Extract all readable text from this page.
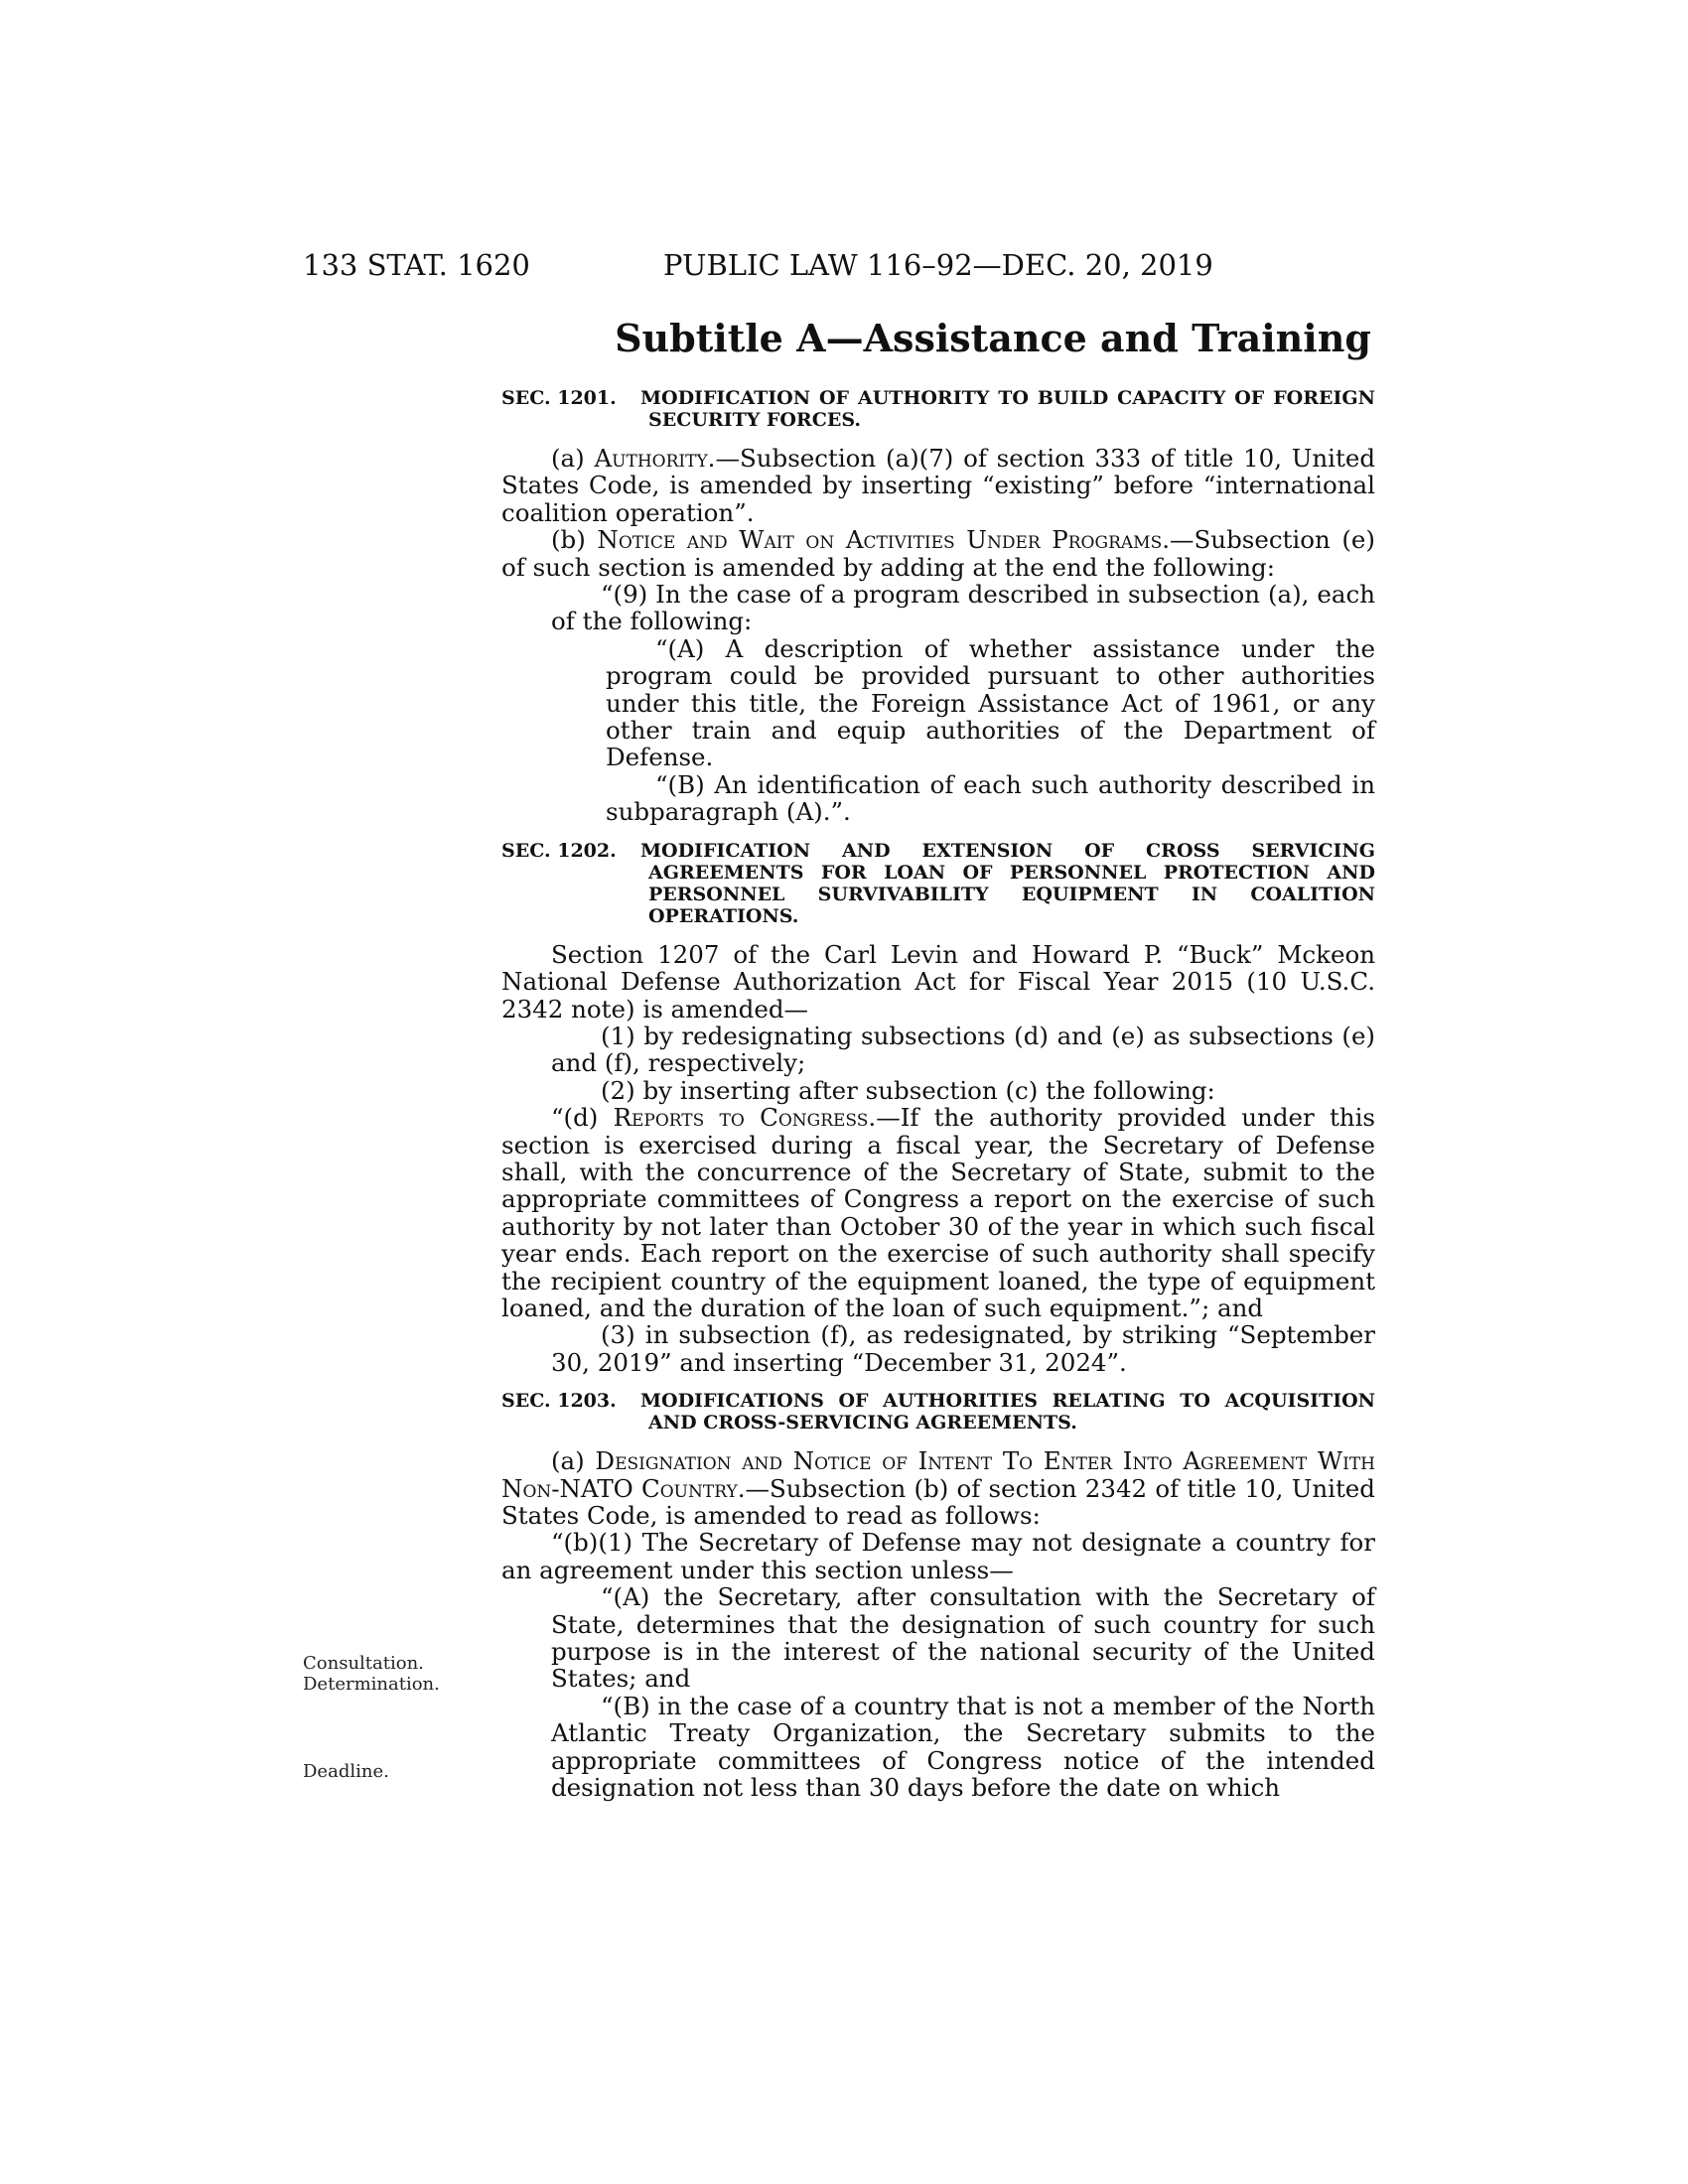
133 STAT. 1620	PUBLIC LAW 116–92—DEC. 20, 2019
Subtitle A—Assistance and Training
Consultation.
Determination.
Deadline.

SEC. 1201. MODIFICATION OF AUTHORITY TO BUILD CAPACITY OF FOREIGN SECURITY FORCES.

(a) Authority.—Subsection (a)(7) of section 333 of title 10, United States Code, is amended by inserting “existing” before “international coalition operation”.

(b) Notice and Wait on Activities Under Programs.—Subsection (e) of such section is amended by adding at the end the following:

“(9) In the case of a program described in subsection (a), each of the following:

“(A) A description of whether assistance under the program could be provided pursuant to other authorities under this title, the Foreign Assistance Act of 1961, or any other train and equip authorities of the Department of Defense.

“(B) An identification of each such authority described in subparagraph (A).”.

SEC. 1202. MODIFICATION AND EXTENSION OF CROSS SERVICING AGREEMENTS FOR LOAN OF PERSONNEL PROTECTION AND PERSONNEL SURVIVABILITY EQUIPMENT IN COALITION OPERATIONS.

Section 1207 of the Carl Levin and Howard P. “Buck” Mckeon National Defense Authorization Act for Fiscal Year 2015 (10 U.S.C. 2342 note) is amended—

(1) by redesignating subsections (d) and (e) as subsections (e) and (f), respectively;

(2) by inserting after subsection (c) the following:

“(d) Reports to Congress.—If the authority provided under this section is exercised during a fiscal year, the Secretary of Defense shall, with the concurrence of the Secretary of State, submit to the appropriate committees of Congress a report on the exercise of such authority by not later than October 30 of the year in which such fiscal year ends. Each report on the exercise of such authority shall specify the recipient country of the equipment loaned, the type of equipment loaned, and the duration of the loan of such equipment.”; and

(3) in subsection (f), as redesignated, by striking “September 30, 2019” and inserting “December 31, 2024”.

SEC. 1203. MODIFICATIONS OF AUTHORITIES RELATING TO ACQUISITION AND CROSS-SERVICING AGREEMENTS.

(a) Designation and Notice of Intent To Enter Into Agreement With Non-NATO Country.—Subsection (b) of section 2342 of title 10, United States Code, is amended to read as follows:

“(b)(1) The Secretary of Defense may not designate a country for an agreement under this section unless—

“(A) the Secretary, after consultation with the Secretary of State, determines that the designation of such country for such purpose is in the interest of the national security of the United States; and

“(B) in the case of a country that is not a member of the North Atlantic Treaty Organization, the Secretary submits to the appropriate committees of Congress notice of the intended designation not less than 30 days before the date on which
